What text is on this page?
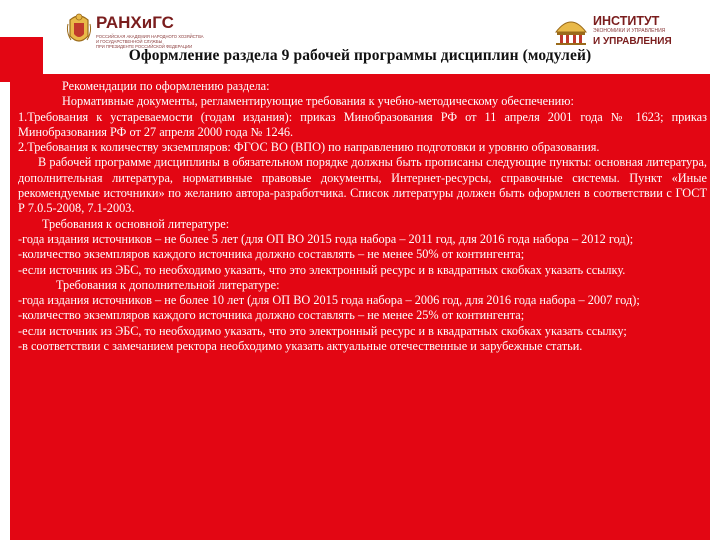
РАНХиГС
РОССИЙСКАЯ АКАДЕМИЯ НАРОДНОГО ХОЗЯЙСТВА
И ГОСУДАРСТВЕННОЙ СЛУЖБЫ
ПРИ ПРЕЗИДЕНТЕ РОССИЙСКОЙ ФЕДЕРАЦИИ
ИНСТИТУТ
ЭКОНОМИКИ И УПРАВЛЕНИЯ
И УПРАВЛЕНИЯ
Оформление раздела 9 рабочей программы дисциплин (модулей)

Рекомендации по оформлению раздела:

Нормативные документы, регламентирующие требования к учебно-методическому обеспечению:

1.Требования к устареваемости (годам издания): приказ Минобразования РФ от 11 апреля 2001 года № 1623; приказ Минобразования РФ от 27 апреля 2000 года № 1246.

2.Требования к количеству экземпляров: ФГОС ВО (ВПО) по направлению подготовки и уровню образования.

В рабочей программе дисциплины в обязательном порядке должны быть прописаны следующие пункты: основная литература, дополнительная литература, нормативные правовые документы, Интернет-ресурсы, справочные системы. Пункт «Иные рекомендуемые источники» по желанию автора-разработчика. Список литературы должен быть оформлен в соответствии с ГОСТ Р 7.0.5-2008, 7.1-2003.

Требования к основной литературе:

-года издания источников – не более 5 лет (для ОП ВО 2015 года набора – 2011 год, для 2016 года набора – 2012 год);

-количество экземпляров каждого источника должно составлять – не менее 50% от контингента;

-если источник из ЭБС, то необходимо указать, что это электронный ресурс и в квадратных скобках указать ссылку.

Требования к дополнительной литературе:

-года издания источников – не более 10 лет (для ОП ВО 2015 года набора – 2006 год, для 2016 года набора – 2007 год);

-количество экземпляров каждого источника должно составлять – не менее 25% от контингента;

-если источник из ЭБС, то необходимо указать, что это электронный ресурс и в квадратных скобках указать ссылку;

-в соответствии с замечанием ректора необходимо указать актуальные отечественные и зарубежные статьи.
